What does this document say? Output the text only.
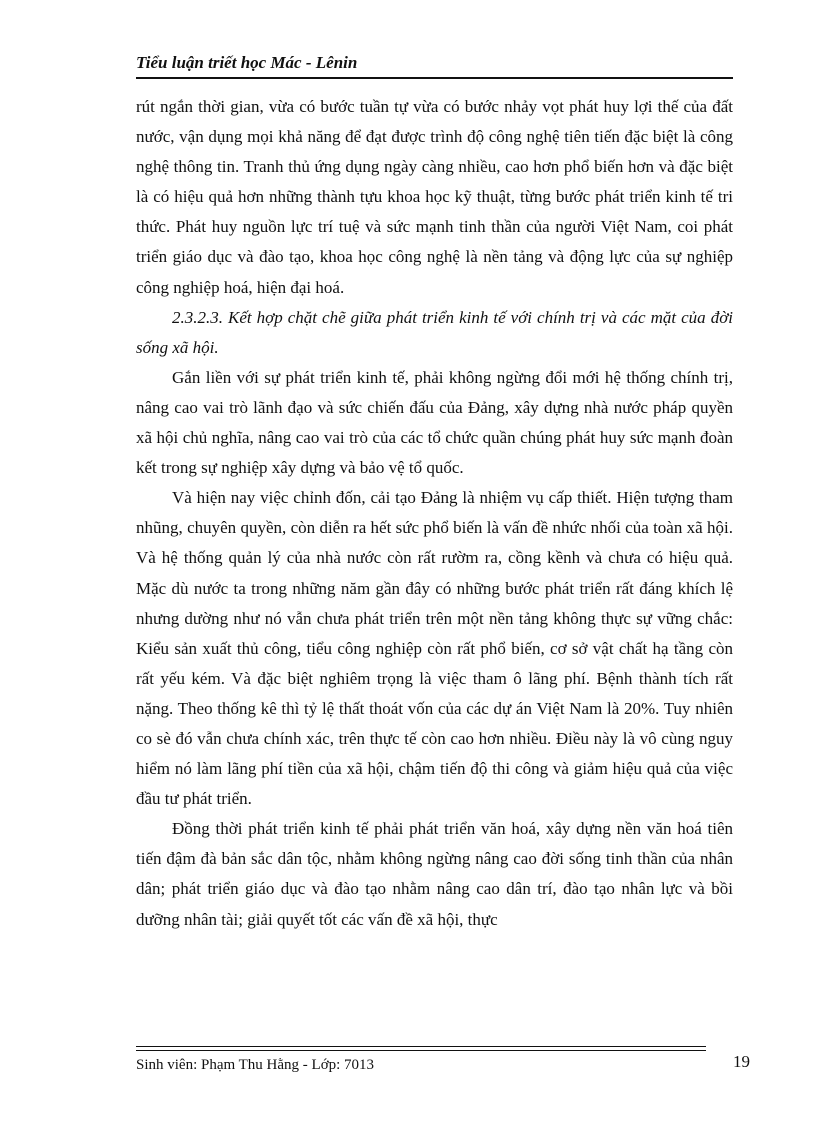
Tiểu luận triết học Mác - Lênin

rút ngắn thời gian, vừa có bước tuần tự vừa có bước nhảy vọt phát huy lợi thế của đất nước, vận dụng mọi khả năng để đạt được trình độ công nghệ tiên tiến đặc biệt là công nghệ thông tin. Tranh thủ ứng dụng ngày càng nhiều, cao hơn phổ biến hơn và đặc biệt là có hiệu quả hơn những thành tựu khoa học kỹ thuật, từng bước phát triển kinh tế tri thức. Phát huy nguồn lực trí tuệ và sức mạnh tinh thần của người Việt Nam, coi phát triển giáo dục và đào tạo, khoa học công nghệ là nền tảng và động lực của sự nghiệp công nghiệp hoá, hiện đại hoá.

2.3.2.3. Kết hợp chặt chẽ giữa phát triển kinh tế với chính trị và các mặt của đời sống xã hội.

Gắn liền với sự phát triển kinh tế, phải không ngừng đổi mới hệ thống chính trị, nâng cao vai trò lãnh đạo và sức chiến đấu của Đảng, xây dựng nhà nước pháp quyền xã hội chủ nghĩa, nâng cao vai trò của các tổ chức quần chúng phát huy sức mạnh đoàn kết trong sự nghiệp xây dựng và bảo vệ tổ quốc.

Và hiện nay việc chỉnh đốn, cải tạo Đảng là nhiệm vụ cấp thiết. Hiện tượng tham nhũng, chuyên quyền, còn diễn ra hết sức phổ biến là vấn đề nhức nhối của toàn xã hội. Và hệ thống quản lý của nhà nước còn rất rườm ra, cồng kềnh và chưa có hiệu quả. Mặc dù nước ta trong những năm gần đây có những bước phát triển rất đáng khích lệ nhưng dường như nó vẫn chưa phát triển trên một nền tảng không thực sự vững chắc: Kiểu sản xuất thủ công, tiểu công nghiệp còn rất phổ biến, cơ sở vật chất hạ tầng còn rất yếu kém. Và đặc biệt nghiêm trọng là việc tham ô lãng phí. Bệnh thành tích rất nặng. Theo thống kê thì tỷ lệ thất thoát vốn của các dự án Việt Nam là 20%. Tuy nhiên co sè đó vẫn chưa chính xác, trên thực tế còn cao hơn nhiều. Điều này là vô cùng nguy hiểm nó làm lãng phí tiền của xã hội, chậm tiến độ thi công và giảm hiệu quả của việc đầu tư phát triển.

Đồng thời phát triển kinh tế phải phát triển văn hoá, xây dựng nền văn hoá tiên tiến đậm đà bản sắc dân tộc, nhằm không ngừng nâng cao đời sống tinh thần của nhân dân; phát triển giáo dục và đào tạo nhằm nâng cao dân trí, đào tạo nhân lực và bồi dưỡng nhân tài; giải quyết tốt các vấn đề xã hội, thực

Sinh viên: Phạm Thu Hằng - Lớp: 7013	19
